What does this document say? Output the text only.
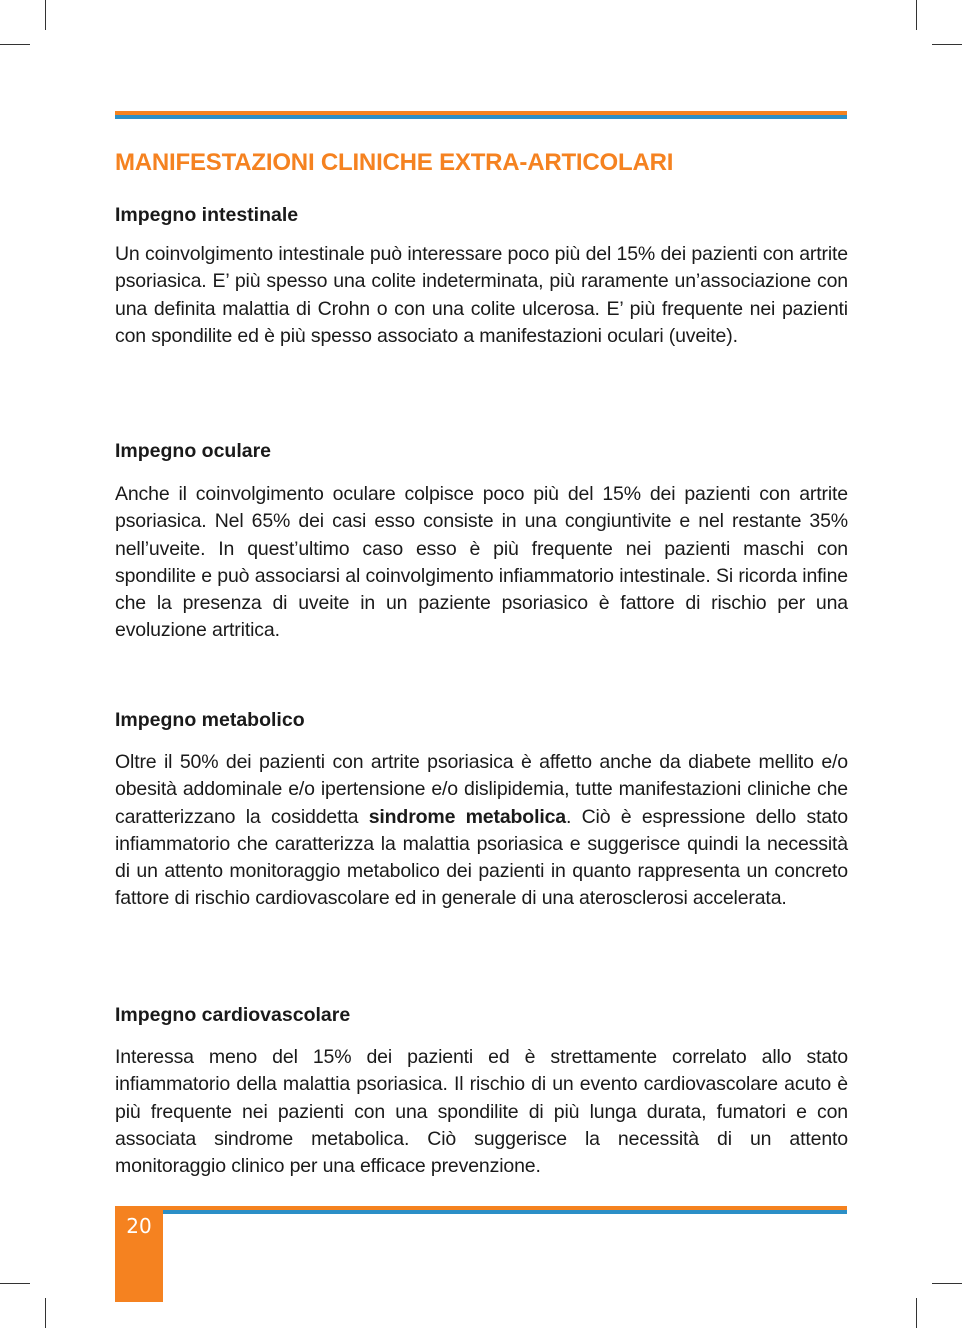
MANIFESTAZIONI CLINICHE EXTRA-ARTICOLARI
Impegno intestinale

Un coinvolgimento intestinale può interessare poco più del 15% dei pazienti con artrite psoriasica. E’ più spesso una colite indeterminata, più raramente un’associazione con una definita malattia di Crohn o con una colite ulcerosa. E’ più frequente nei pazienti con spondilite ed è più spesso associato a manifestazioni oculari (uveite).

Impegno oculare

Anche il coinvolgimento oculare colpisce poco più del 15% dei pazienti con artrite psoriasica. Nel 65% dei casi esso consiste in una congiuntivite e nel restante 35% nell’uveite. In quest’ultimo caso esso è più frequente nei pazienti maschi con spondilite e può associarsi al coinvolgimento infiammatorio intestinale. Si ricorda infine che la presenza di uveite in un paziente psoriasico è fattore di rischio per una evoluzione artritica.

Impegno metabolico

Oltre il 50% dei pazienti con artrite psoriasica è affetto anche da diabete mellito e/o obesità addominale e/o ipertensione e/o dislipidemia, tutte manifestazioni cliniche che caratterizzano la cosiddetta sindrome metabolica. Ciò è espressione dello stato infiammatorio che caratterizza la malattia psoriasica e suggerisce quindi la necessità di un attento monitoraggio metabolico dei pazienti in quanto rappresenta un concreto fattore di rischio cardiovascolare ed in generale di una aterosclerosi accelerata.

Impegno cardiovascolare

Interessa meno del 15% dei pazienti ed è strettamente correlato allo stato infiammatorio della malattia psoriasica. Il rischio di un evento cardiovascolare acuto è più frequente nei pazienti con una spondilite di più lunga durata, fumatori e con associata sindrome metabolica. Ciò suggerisce la necessità di un attento monitoraggio clinico per una efficace prevenzione.

20
